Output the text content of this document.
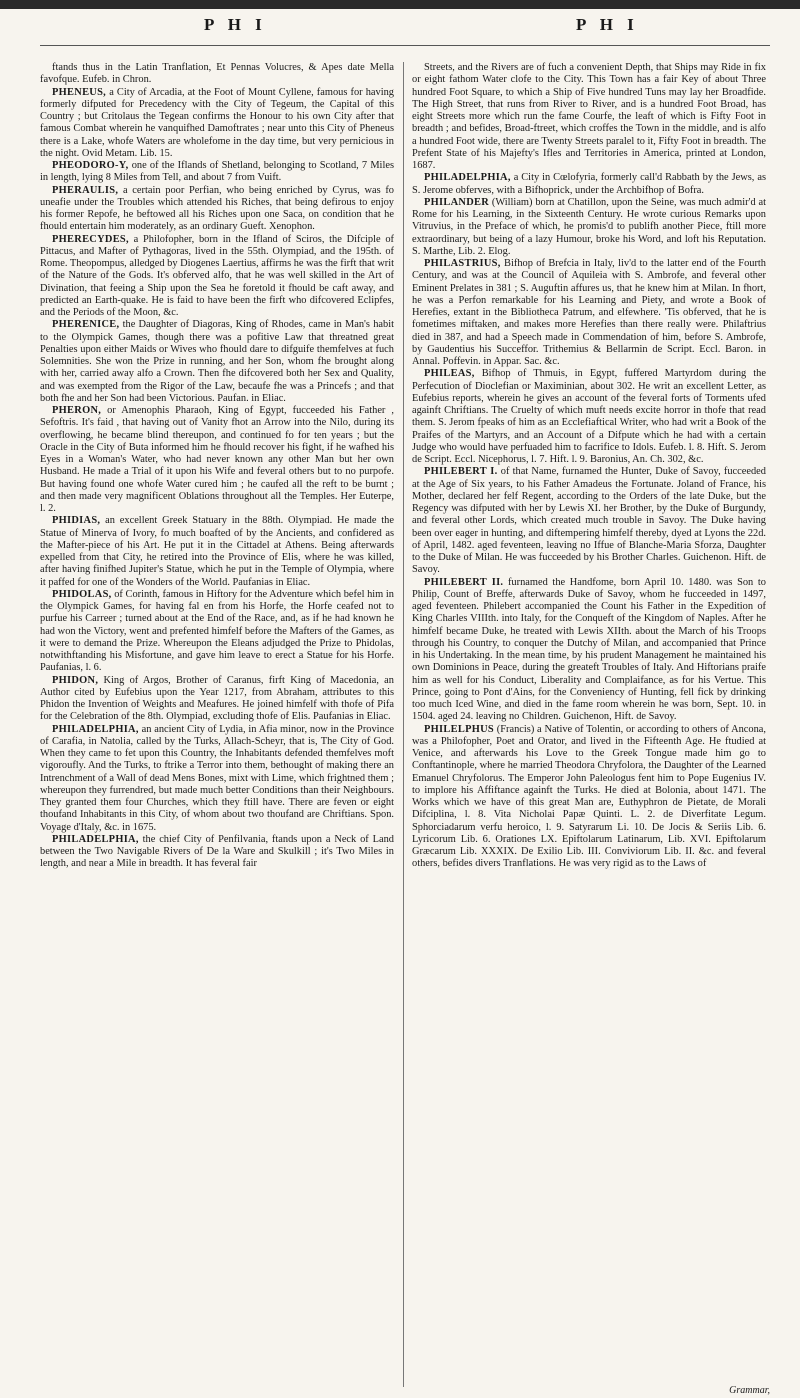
P H I	P H I

ftands thus in the Latin Tranflation, Et Pennas Volucres, & Apes date Mella favofque. Eufeb. in Chron.

PHENEUS, a City of Arcadia, at the Foot of Mount Cyllene, famous for having formerly difputed for Precedency with the City of Tegeum, the Capital of this Country ; but Critolaus the Tegean confirms the Honour to his own City after that famous Combat wherein he vanquifhed Damoftrates ; near unto this City of Pheneus there is a Lake, whofe Waters are wholefome in the day time, but very pernicious in the night. Ovid Metam. Lib. 15.

PHEODORO-Y, one of the Iflands of Shetland, belonging to Scotland, 7 Miles in length, lying 8 Miles from Tell, and about 7 from Vuift.

PHERAULIS, a certain poor Perfian, who being enriched by Cyrus, was fo uneafie under the Troubles which attended his Riches, that being defirous to enjoy his former Repofe, he beftowed all his Riches upon one Saca, on condition that he fhould entertain him moderately, as an ordinary Gueft. Xenophon.

PHERECYDES, a Philofopher, born in the Ifland of Sciros, the Difciple of Pittacus, and Mafter of Pythagoras, lived in the 55th. Olympiad, and the 195th. of Rome. Theopompus, alledged by Diogenes Laertius, affirms he was the firft that writ of the Nature of the Gods. It's obferved alfo, that he was well skilled in the Art of Divination, that feeing a Ship upon the Sea he foretold it fhould be caft away, and predicted an Earth-quake. He is faid to have been the firft who difcovered Eclipfes, and the Periods of the Moon, &c.

PHERENICE, the Daughter of Diagoras, King of Rhodes, came in Man's habit to the Olympick Games, though there was a pofitive Law that threatned great Penalties upon either Maids or Wives who fhould dare to difguife themfelves at fuch Solemnities. She won the Prize in running, and her Son, whom fhe brought along with her, carried away alfo a Crown. Then fhe difcovered both her Sex and Quality, and was exempted from the Rigor of the Law, becaufe fhe was a Princefs ; and that both fhe and her Son had been Victorious. Paufan. in Eliac.

PHERON, or Amenophis Pharaoh, King of Egypt, fucceeded his Father , Sefoftris. It's faid , that having out of Vanity fhot an Arrow into the Nilo, during its overflowing, he became blind thereupon, and continued fo for ten years ; but the Oracle in the City of Buta informed him he fhould recover his fight, if he wafhed his Eyes in a Woman's Water, who had never known any other Man but her own Husband. He made a Trial of it upon his Wife and feveral others but to no purpofe. But having found one whofe Water cured him ; he caufed all the reft to be burnt ; and then made very magnificent Oblations throughout all the Temples. Her Euterpe, l. 2.

PHIDIAS, an excellent Greek Statuary in the 88th. Olympiad. He made the Statue of Minerva of Ivory, fo much boafted of by the Ancients, and confidered as the Mafter-piece of his Art. He put it in the Cittadel at Athens. Being afterwards expelled from that City, he retired into the Province of Elis, where he was killed, after having finifhed Jupiter's Statue, which he put in the Temple of Olympia, where it paffed for one of the Wonders of the World. Paufanias in Eliac.

PHIDOLAS, of Corinth, famous in Hiftory for the Adventure which befel him in the Olympick Games, for having fal en from his Horfe, the Horfe ceafed not to purfue his Carreer ; turned about at the End of the Race, and, as if he had known he had won the Victory, went and prefented himfelf before the Mafters of the Games, as it were to demand the Prize. Whereupon the Eleans adjudged the Prize to Phidolas, notwithftanding his Misfortune, and gave him leave to erect a Statue for his Horfe. Paufanias, l. 6.

PHIDON, King of Argos, Brother of Caranus, firft King of Macedonia, an Author cited by Eufebius upon the Year 1217, from Abraham, attributes to this Phidon the Invention of Weights and Meafures. He joined himfelf with thofe of Pifa for the Celebration of the 8th. Olympiad, excluding thofe of Elis. Paufanias in Eliac.

PHILADELPHIA, an ancient City of Lydia, in Afia minor, now in the Province of Carafia, in Natolia, called by the Turks, Allach-Scheyr, that is, The City of God. When they came to fet upon this Country, the Inhabitants defended themfelves moft vigoroufly. And the Turks, to ftrike a Terror into them, bethought of making there an Intrenchment of a Wall of dead Mens Bones, mixt with Lime, which frightned them ; whereupon they furrendred, but made much better Conditions than their Neighbours. They granted them four Churches, which they ftill have. There are feven or eight thoufand Inhabitants in this City, of whom about two thoufand are Chriftians. Spon. Voyage d'Italy, &c. in 1675.

PHILADELPHIA, the chief City of Penfilvania, ftands upon a Neck of Land between the Two Navigable Rivers of De la Ware and Skulkill ; it's Two Miles in length, and near a Mile in breadth. It has feveral fair

Streets, and the Rivers are of fuch a convenient Depth, that Ships may Ride in fix or eight fathom Water clofe to the City. This Town has a fair Key of about Three hundred Foot Square, to which a Ship of Five hundred Tuns may lay her Broadfide. The High Street, that runs from River to River, and is a hundred Foot Broad, has eight Streets more which run the fame Courfe, the leaft of which is Fifty Foot in breadth ; and befides, Broad-ftreet, which croffes the Town in the middle, and is alfo a hundred Foot wide, there are Twenty Streets paralel to it, Fifty Foot in breadth. The Prefent State of his Majefty's Ifles and Territories in America, printed at London, 1687.

PHILADELPHIA, a City in Cœlofyria, formerly call'd Rabbath by the Jews, as S. Jerome obferves, with a Bifhoprick, under the Archbifhop of Bofra.

PHILANDER (William) born at Chatillon, upon the Seine, was much admir'd at Rome for his Learning, in the Sixteenth Century. He wrote curious Remarks upon Vitruvius, in the Preface of which, he promis'd to publifh another Piece, ftill more extraordinary, but being of a lazy Humour, broke his Word, and loft his Reputation. S. Marthe, Lib. 2. Elog.

PHILASTRIUS, Bifhop of Brefcia in Italy, liv'd to the latter end of the Fourth Century, and was at the Council of Aquileia with S. Ambrofe, and feveral other Eminent Prelates in 381 ; S. Auguftin affures us, that he knew him at Milan. In fhort, he was a Perfon remarkable for his Learning and Piety, and wrote a Book of Herefies, extant in the Bibliotheca Patrum, and elfewhere. 'Tis obferved, that he is fometimes miftaken, and makes more Herefies than there really were. Philaftrius died in 387, and had a Speech made in Commendation of him, before S. Ambrofe, by Gaudentius his Succeffor. Trithemius & Bellarmin de Script. Eccl. Baron. in Annal. Poffevin. in Appar. Sac. &c.

PHILEAS, Bifhop of Thmuis, in Egypt, fuffered Martyrdom during the Perfecution of Dioclefian or Maximinian, about 302. He writ an excellent Letter, as Eufebius reports, wherein he gives an account of the feveral forts of Torments ufed againft Chriftians. The Cruelty of which muft needs excite horror in thofe that read them. S. Jerom fpeaks of him as an Ecclefiaftical Writer, who had writ a Book of the Praifes of the Martyrs, and an Account of a Difpute which he had with a certain Judge who would have perfuaded him to facrifice to Idols. Eufeb. l. 8. Hift. S. Jerom de Script. Eccl. Nicephorus, l. 7. Hift. l. 9. Baronius, An. Ch. 302, &c.

PHILEBERT I. of that Name, furnamed the Hunter, Duke of Savoy, fucceeded at the Age of Six years, to his Father Amadeus the Fortunate. Joland of France, his Mother, declared her felf Regent, according to the Orders of the late Duke, but the Regency was difputed with her by Lewis XI. her Brother, by the Duke of Burgundy, and feveral other Lords, which created much trouble in Savoy. The Duke having been over eager in hunting, and diftempering himfelf thereby, dyed at Lyons the 22d. of April, 1482. aged feventeen, leaving no Iffue of Blanche-Maria Sforza, Daughter to the Duke of Milan. He was fucceeded by his Brother Charles. Guichenon. Hift. de Savoy.

PHILEBERT II. furnamed the Handfome, born April 10. 1480. was Son to Philip, Count of Breffe, afterwards Duke of Savoy, whom he fucceeded in 1497, aged feventeen. Philebert accompanied the Count his Father in the Expedition of King Charles VIIIth. into Italy, for the Conqueft of the Kingdom of Naples. After he himfelf became Duke, he treated with Lewis XIIth. about the March of his Troops through his Country, to conquer the Dutchy of Milan, and accompanied that Prince in his Undertaking. In the mean time, by his prudent Management he maintained his own Dominions in Peace, during the greateft Troubles of Italy. And Hiftorians praife him as well for his Conduct, Liberality and Complaifance, as for his Vertue. This Prince, going to Pont d'Ains, for the Conveniency of Hunting, fell fick by drinking too much Iced Wine, and died in the fame room wherein he was born, Sept. 10. in 1504. aged 24. leaving no Children. Guichenon, Hift. de Savoy.

PHILELPHUS (Francis) a Native of Tolentin, or according to others of Ancona, was a Philofopher, Poet and Orator, and lived in the Fifteenth Age. He ftudied at Venice, and afterwards his Love to the Greek Tongue made him go to Conftantinople, where he married Theodora Chryfolora, the Daughter of the Learned Emanuel Chryfolorus. The Emperor John Paleologus fent him to Pope Eugenius IV. to implore his Affiftance againft the Turks. He died at Bolonia, about 1471. The Works which we have of this great Man are, Euthyphron de Pietate, de Morali Difciplina, l. 8. Vita Nicholai Papæ Quinti. L. 2. de Diverfitate Legum. Sphorciadarum verfu heroico, l. 9. Satyrarum Li. 10. De Jocis & Seriis Lib. 6. Lyricorum Lib. 6. Orationes LX. Epiftolarum Latinarum, Lib. XVI. Epiftolarum Græcarum Lib. XXXIX. De Exilio Lib. III. Conviviorum Lib. II. &c. and feveral others, befides divers Tranflations. He was very rigid as to the Laws of

Grammar,
